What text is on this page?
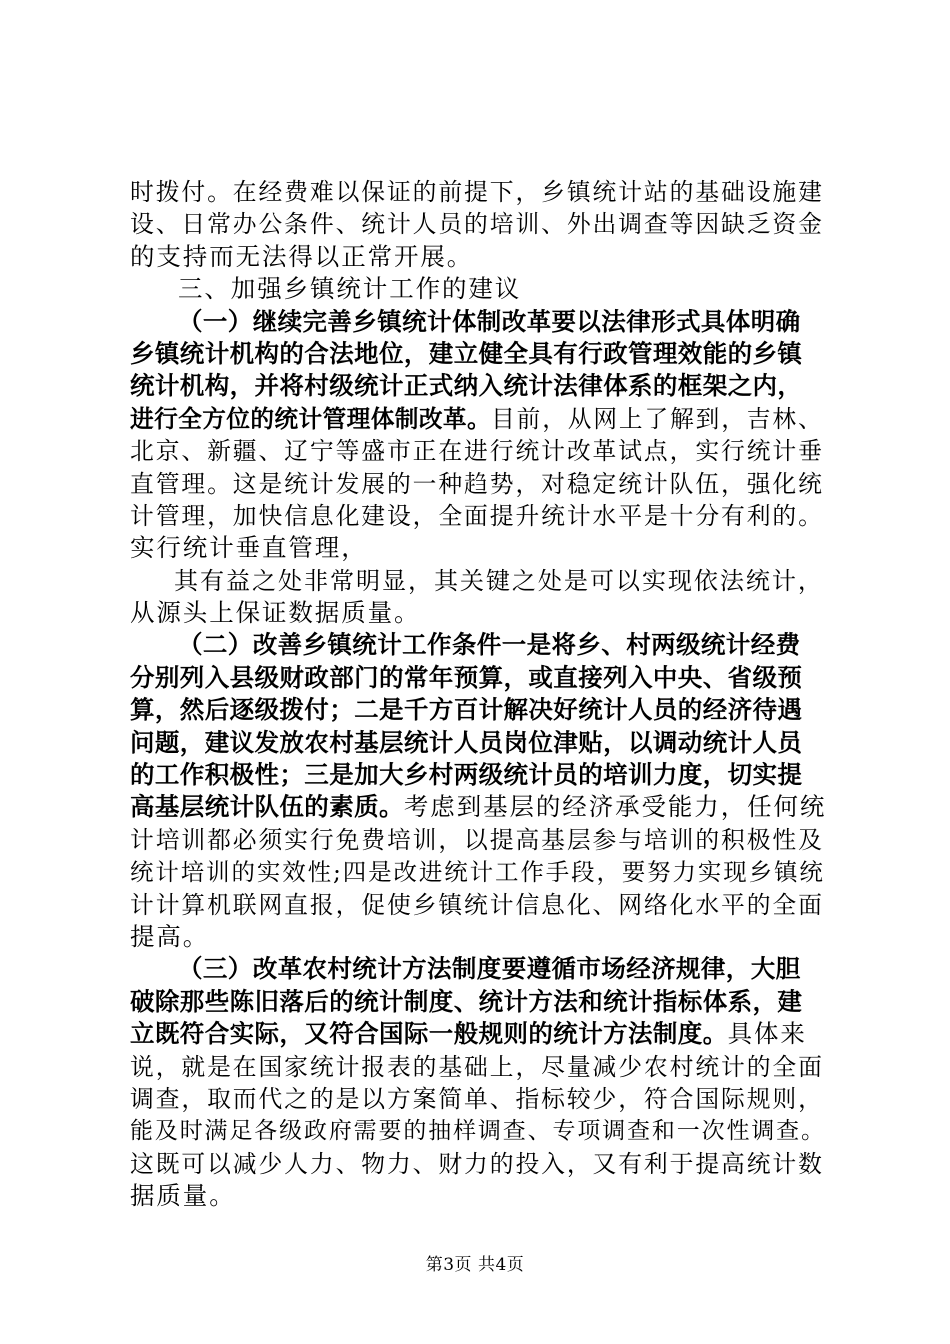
时拨付。在经费难以保证的前提下，乡镇统计站的基础设施建
设、日常办公条件、统计人员的培训、外出调查等因缺乏资金
的支持而无法得以正常开展。
三、加强乡镇统计工作的建议
（一）继续完善乡镇统计体制改革要以法律形式具体明确
乡镇统计机构的合法地位，建立健全具有行政管理效能的乡镇
统计机构，并将村级统计正式纳入统计法律体系的框架之内，
进行全方位的统计管理体制改革。目前，从网上了解到，吉林、
北京、新疆、辽宁等盛市正在进行统计改革试点，实行统计垂
直管理。这是统计发展的一种趋势，对稳定统计队伍，强化统
计管理，加快信息化建设，全面提升统计水平是十分有利的。
实行统计垂直管理，
其有益之处非常明显，其关键之处是可以实现依法统计，
从源头上保证数据质量。
（二）改善乡镇统计工作条件一是将乡、村两级统计经费
分别列入县级财政部门的常年预算，或直接列入中央、省级预
算，然后逐级拨付；二是千方百计解决好统计人员的经济待遇
问题，建议发放农村基层统计人员岗位津贴，以调动统计人员
的工作积极性；三是加大乡村两级统计员的培训力度，切实提
高基层统计队伍的素质。考虑到基层的经济承受能力，任何统
计培训都必须实行免费培训，以提高基层参与培训的积极性及
统计培训的实效性;四是改进统计工作手段，要努力实现乡镇统
计计算机联网直报，促使乡镇统计信息化、网络化水平的全面
提高。
（三）改革农村统计方法制度要遵循市场经济规律，大胆
破除那些陈旧落后的统计制度、统计方法和统计指标体系，建
立既符合实际，又符合国际一般规则的统计方法制度。具体来
说，就是在国家统计报表的基础上，尽量减少农村统计的全面
调查，取而代之的是以方案简单、指标较少，符合国际规则，
能及时满足各级政府需要的抽样调查、专项调查和一次性调查。
这既可以减少人力、物力、财力的投入，又有利于提高统计数
据质量。
第3页 共4页
